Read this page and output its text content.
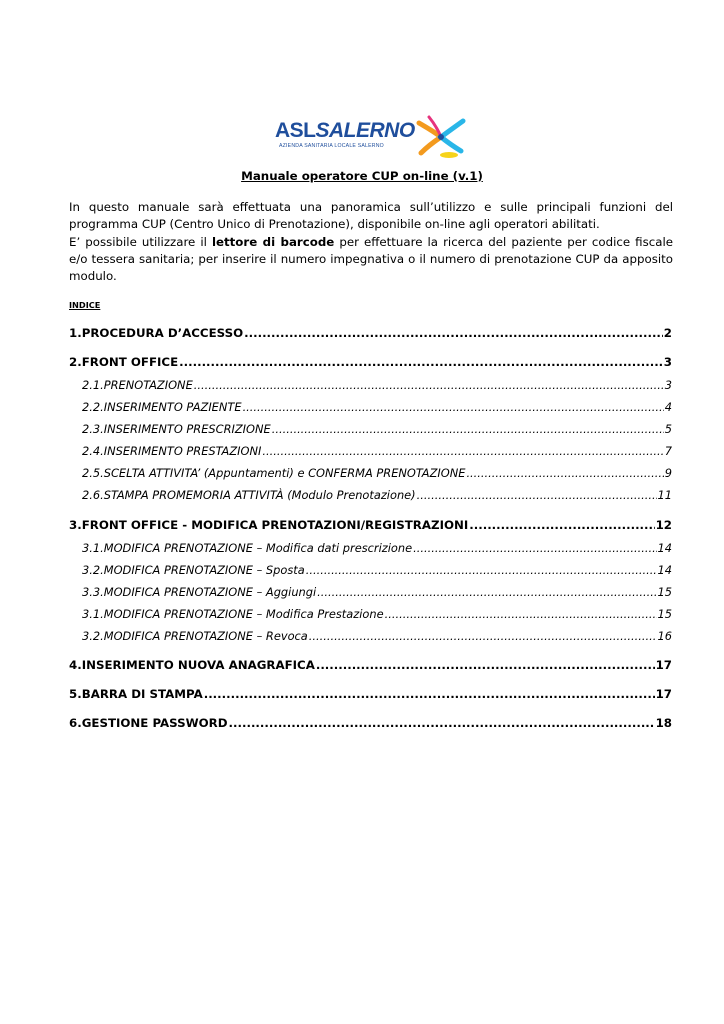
ASLSALERNO
AZIENDA SANITARIA LOCALE SALERNO
Manuale operatore CUP on-line (v.1)

In questo manuale sarà effettuata una panoramica sull’utilizzo e sulle principali funzioni del programma CUP (Centro Unico di Prenotazione), disponibile on-line agli operatori abilitati.

E’ possibile utilizzare il lettore di barcode per effettuare la ricerca del paziente per codice fiscale e/o tessera sanitaria; per inserire il numero impegnativa o il numero di prenotazione CUP da apposito modulo.

INDICE
1. PROCEDURA D’ACCESSO .....	2
2. FRONT OFFICE .....	3
2.1. PRENOTAZIONE .....	3
2.2. INSERIMENTO PAZIENTE .....	4
2.3. INSERIMENTO PRESCRIZIONE .....	5
2.4. INSERIMENTO PRESTAZIONI .....	7
2.5. SCELTA ATTIVITA’ (Appuntamenti) e CONFERMA PRENOTAZIONE .....	9
2.6. STAMPA PROMEMORIA ATTIVITÀ (Modulo Prenotazione) .....	11
3. FRONT OFFICE - MODIFICA PRENOTAZIONI/REGISTRAZIONI .....	12
3.1. MODIFICA PRENOTAZIONE – Modifica dati prescrizione .....	14
3.2. MODIFICA PRENOTAZIONE – Sposta .....	14
3.3. MODIFICA PRENOTAZIONE – Aggiungi .....	15
3.1. MODIFICA PRENOTAZIONE – Modifica Prestazione .....	15
3.2. MODIFICA PRENOTAZIONE – Revoca .....	16
4. INSERIMENTO NUOVA ANAGRAFICA .....	17
5. BARRA DI STAMPA .....	17
6. GESTIONE PASSWORD .....	18
